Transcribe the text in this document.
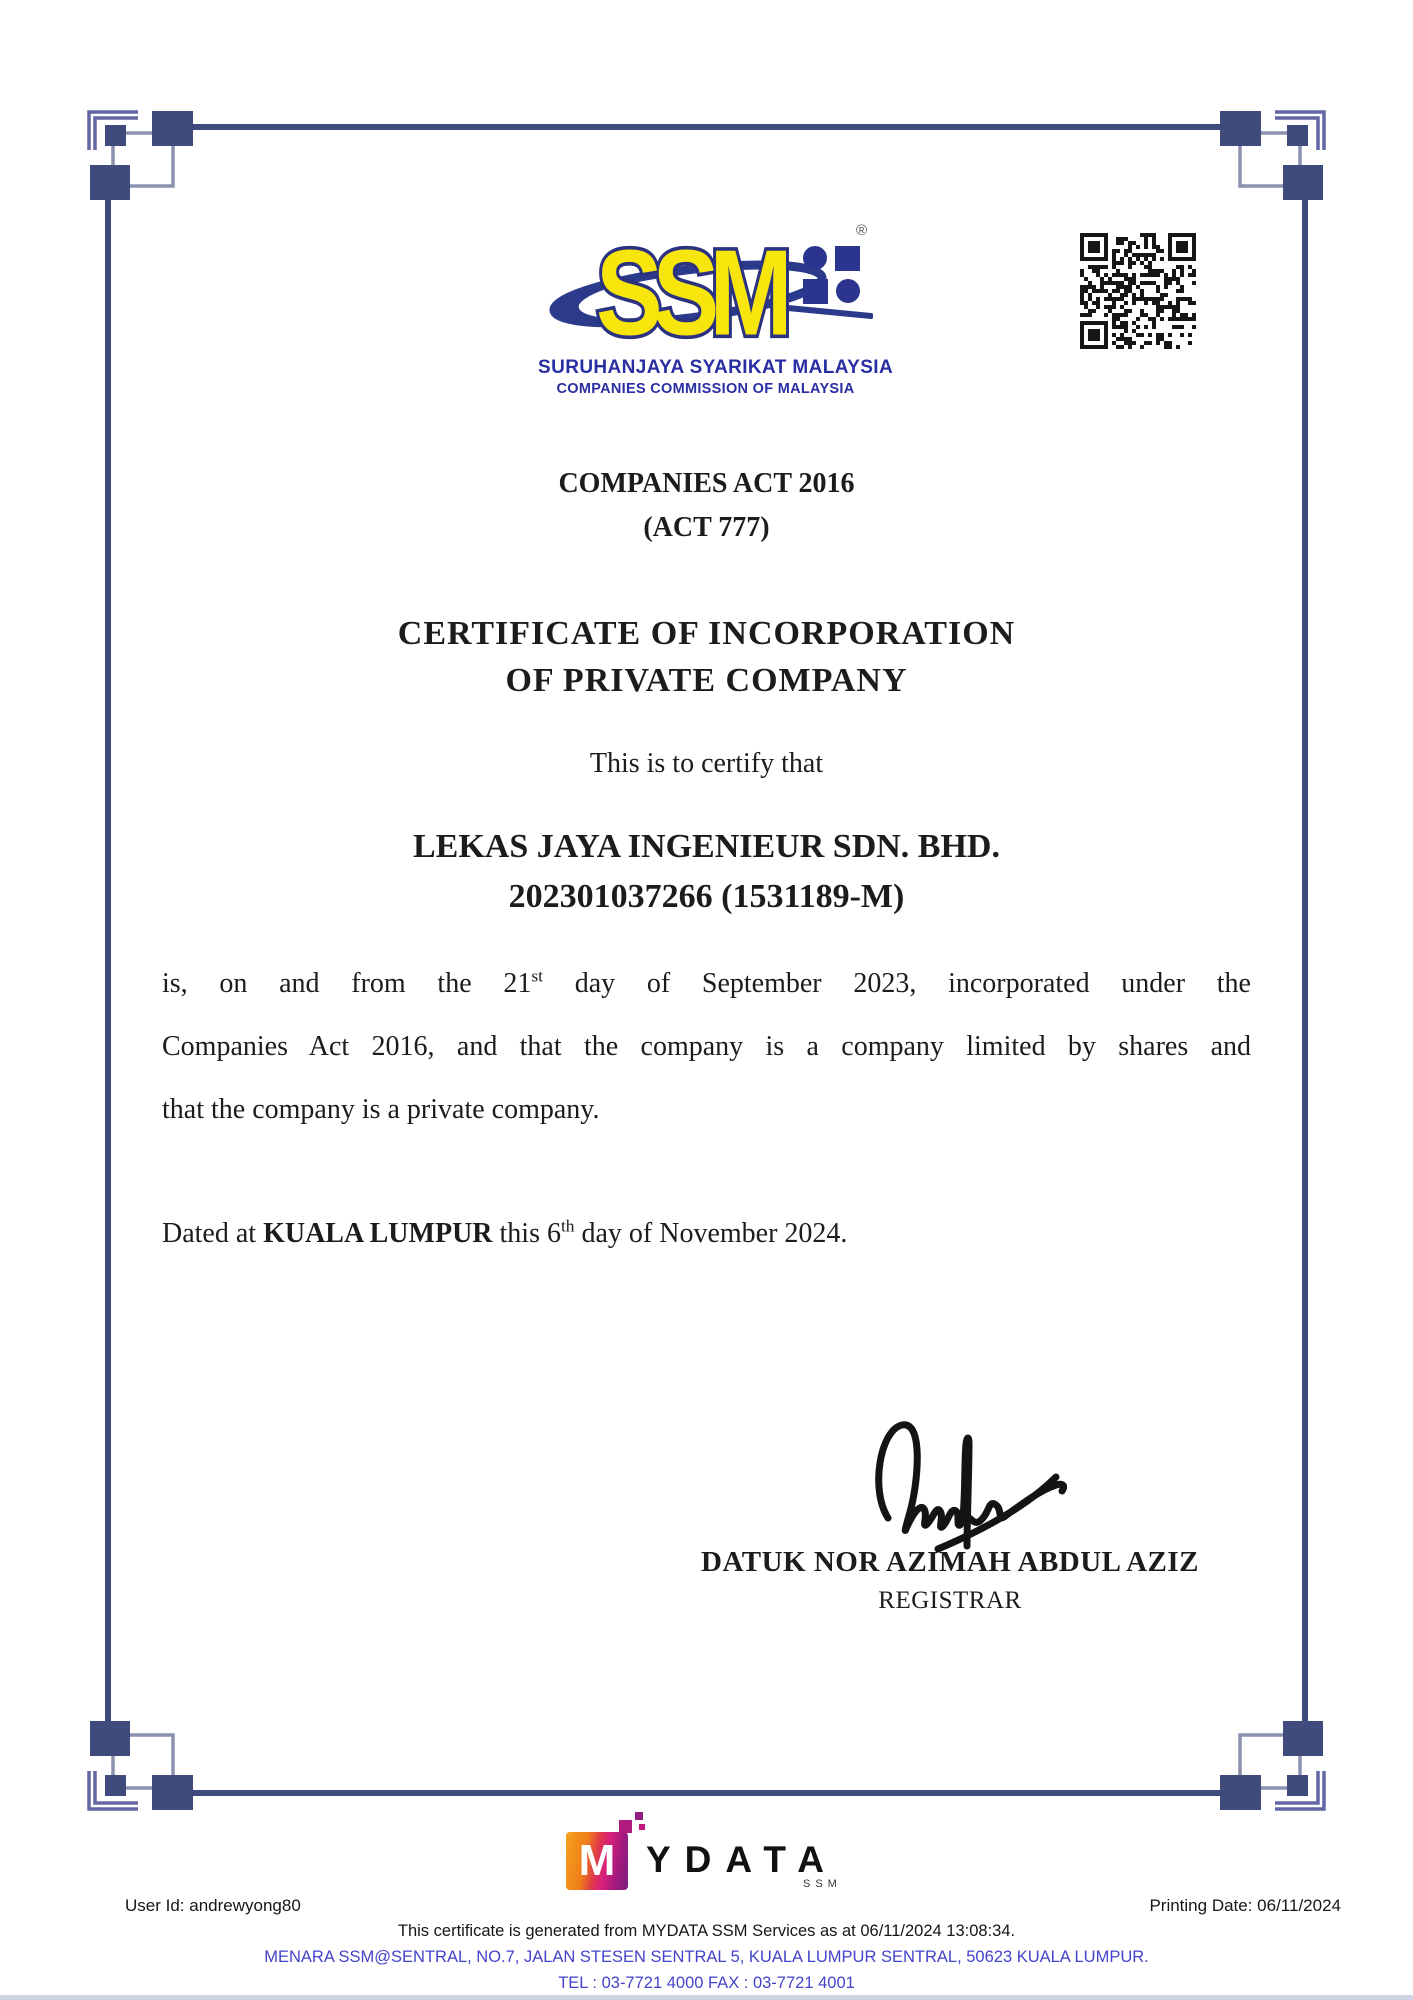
®
SSM
SURUHANJAYA SYARIKAT MALAYSIA
COMPANIES COMMISSION OF MALAYSIA
COMPANIES ACT 2016
(ACT 777)
CERTIFICATE OF INCORPORATION
OF PRIVATE COMPANY
This is to certify that
LEKAS JAYA INGENIEUR SDN. BHD.
202301037266 (1531189-M)
is, on and from the 21st day of September 2023, incorporated under the
Companies Act 2016, and that the company is a company limited by shares and
that the company is a private company.
Dated at KUALA LUMPUR this 6th day of November 2024.
DATUK NOR AZIMAH ABDUL AZIZ
REGISTRAR
M YDATA
SSM
User Id: andrewyong80	Printing Date: 06/11/2024
This certificate is generated from MYDATA SSM Services as at 06/11/2024 13:08:34.
MENARA SSM@SENTRAL, NO.7, JALAN STESEN SENTRAL 5, KUALA LUMPUR SENTRAL, 50623 KUALA LUMPUR.
TEL : 03-7721 4000 FAX : 03-7721 4001
